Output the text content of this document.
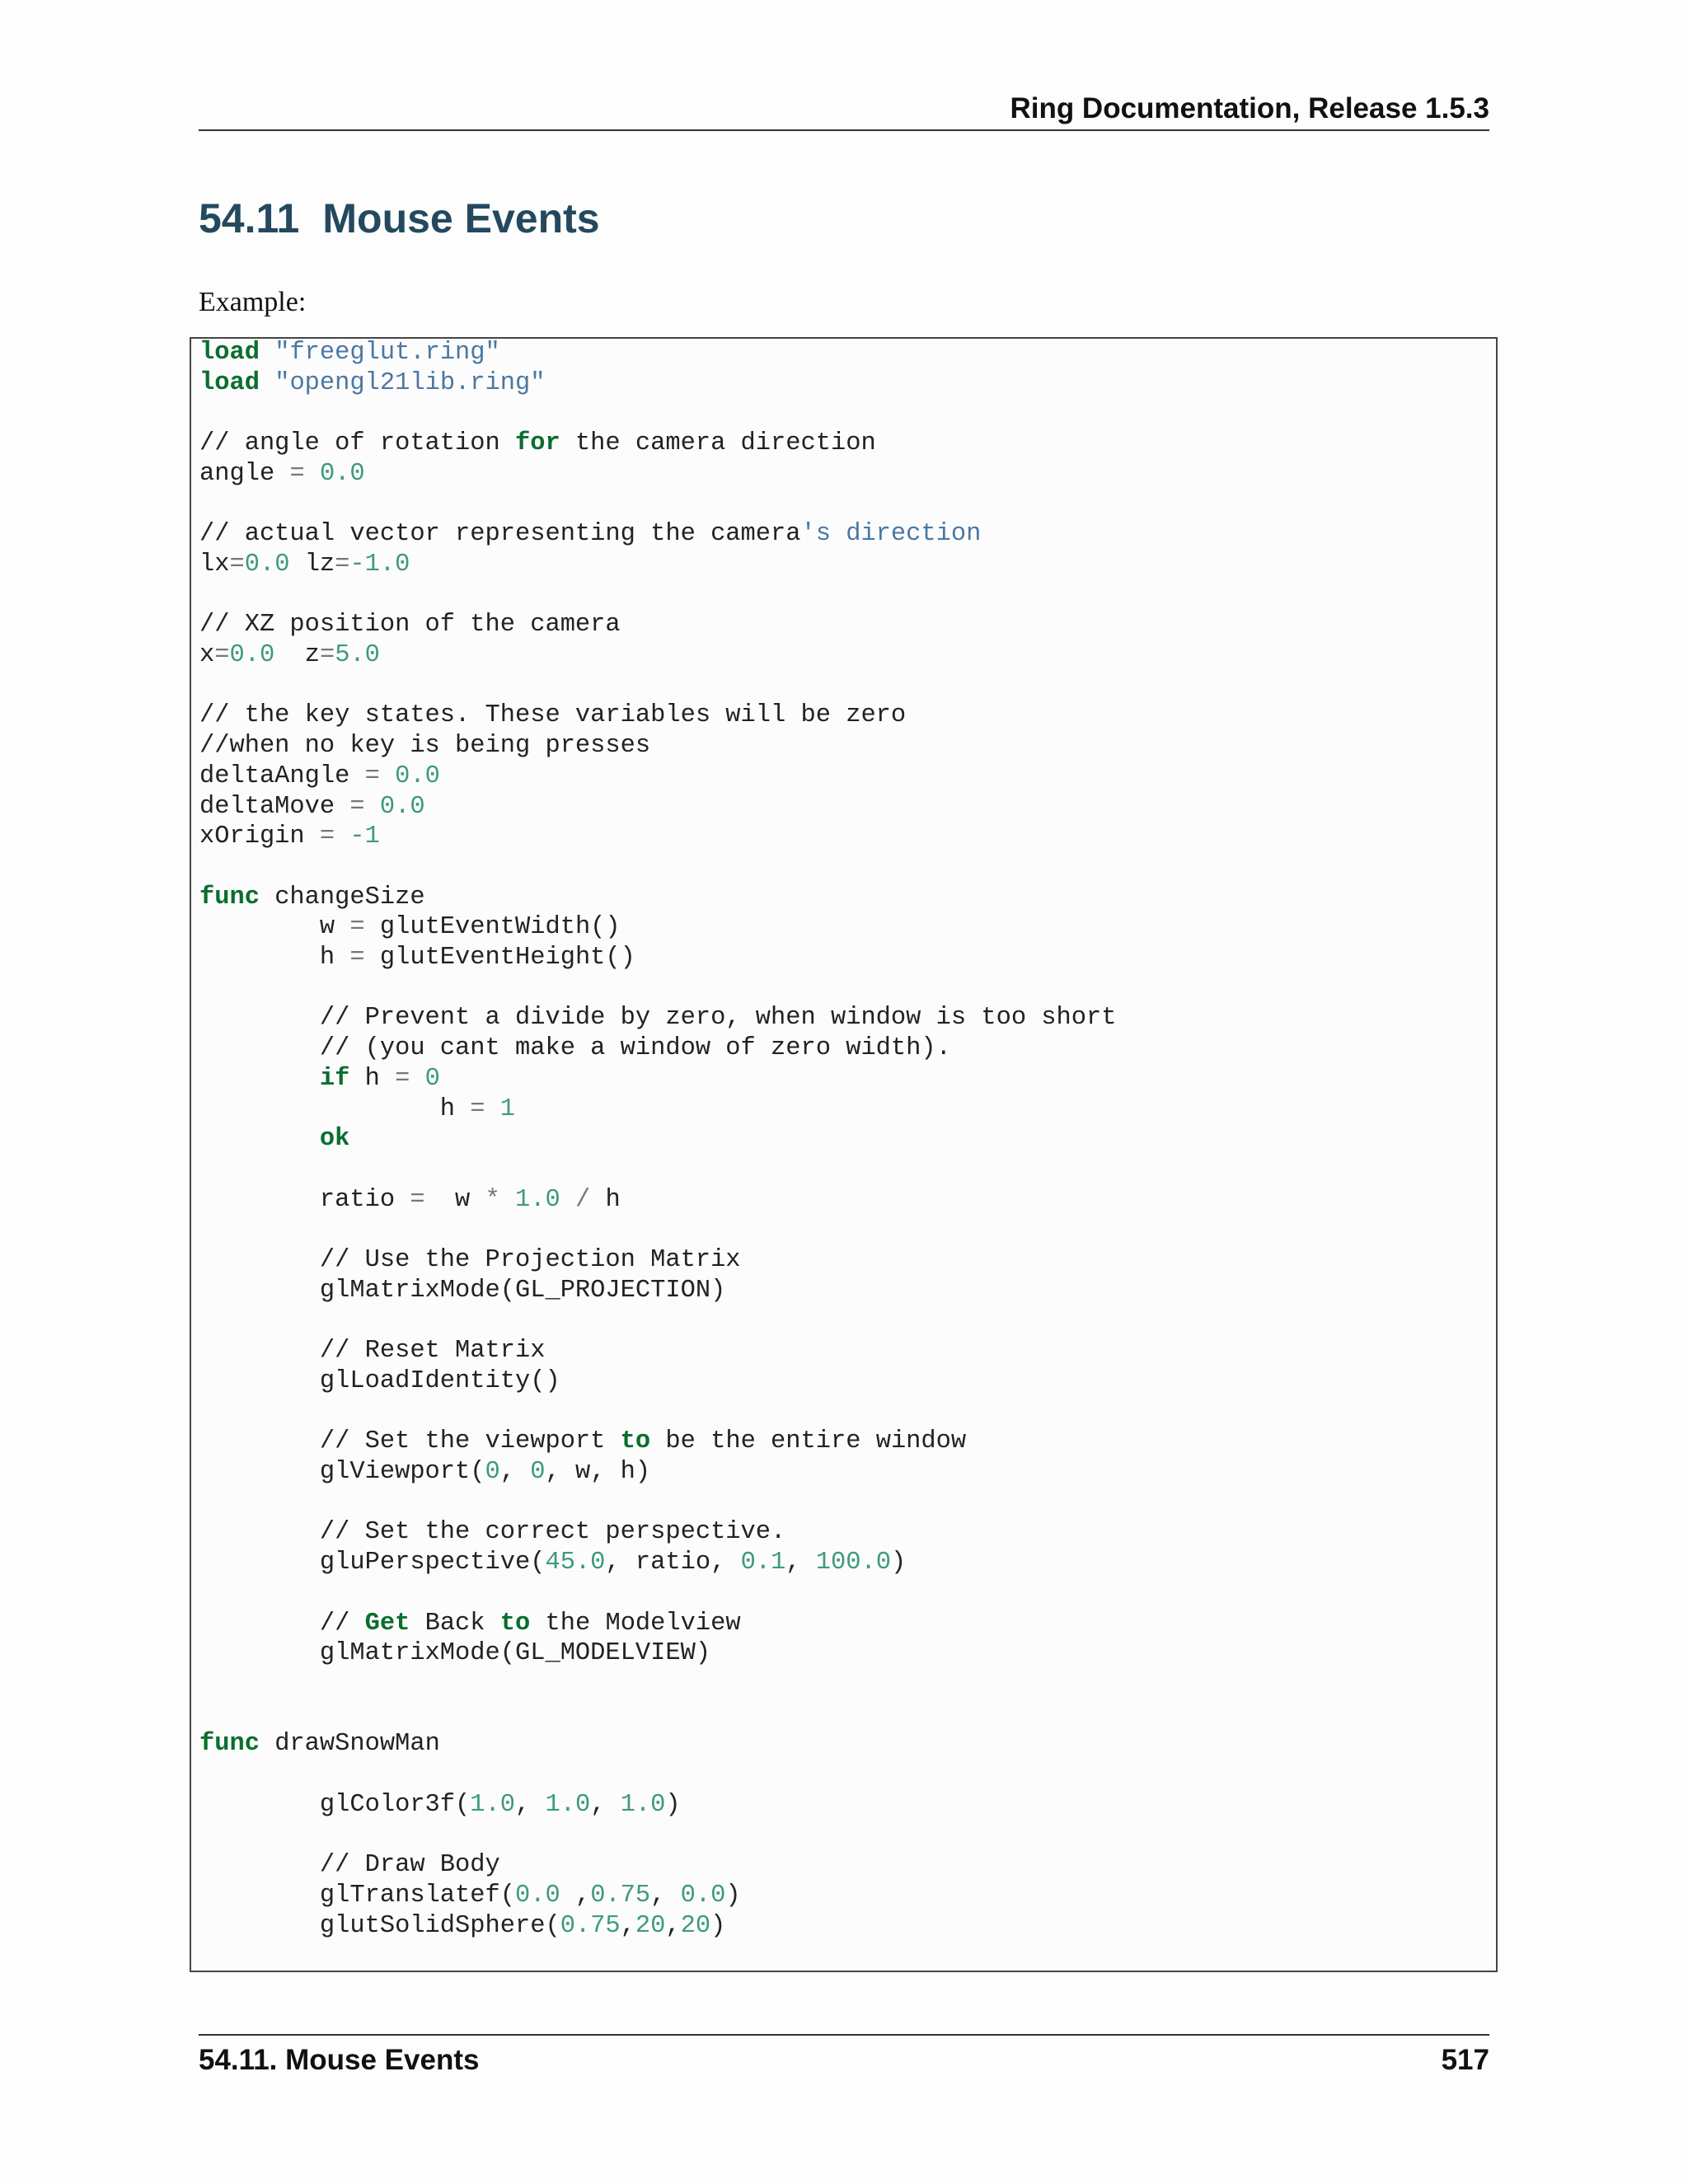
Ring Documentation, Release 1.5.3
54.11 Mouse Events

Example:

load "freeglut.ring"
load "opengl21lib.ring"

// angle of rotation for the camera direction
angle = 0.0

// actual vector representing the camera's direction
lx=0.0 lz=-1.0

// XZ position of the camera
x=0.0  z=5.0

// the key states. These variables will be zero
//when no key is being presses
deltaAngle = 0.0
deltaMove = 0.0
xOrigin = -1

func changeSize
w = glutEventWidth()
h = glutEventHeight()

// Prevent a divide by zero, when window is too short
// (you cant make a window of zero width).
if h = 0
h = 1
ok

ratio =  w * 1.0 / h

// Use the Projection Matrix
glMatrixMode(GL_PROJECTION)

// Reset Matrix
glLoadIdentity()

// Set the viewport to be the entire window
glViewport(0, 0, w, h)

// Set the correct perspective.
gluPerspective(45.0, ratio, 0.1, 100.0)

// Get Back to the Modelview
glMatrixMode(GL_MODELVIEW)

func drawSnowMan

glColor3f(1.0, 1.0, 1.0)

// Draw Body
glTranslatef(0.0 ,0.75, 0.0)
glutSolidSphere(0.75,20,20)
54.11. Mouse Events	517
